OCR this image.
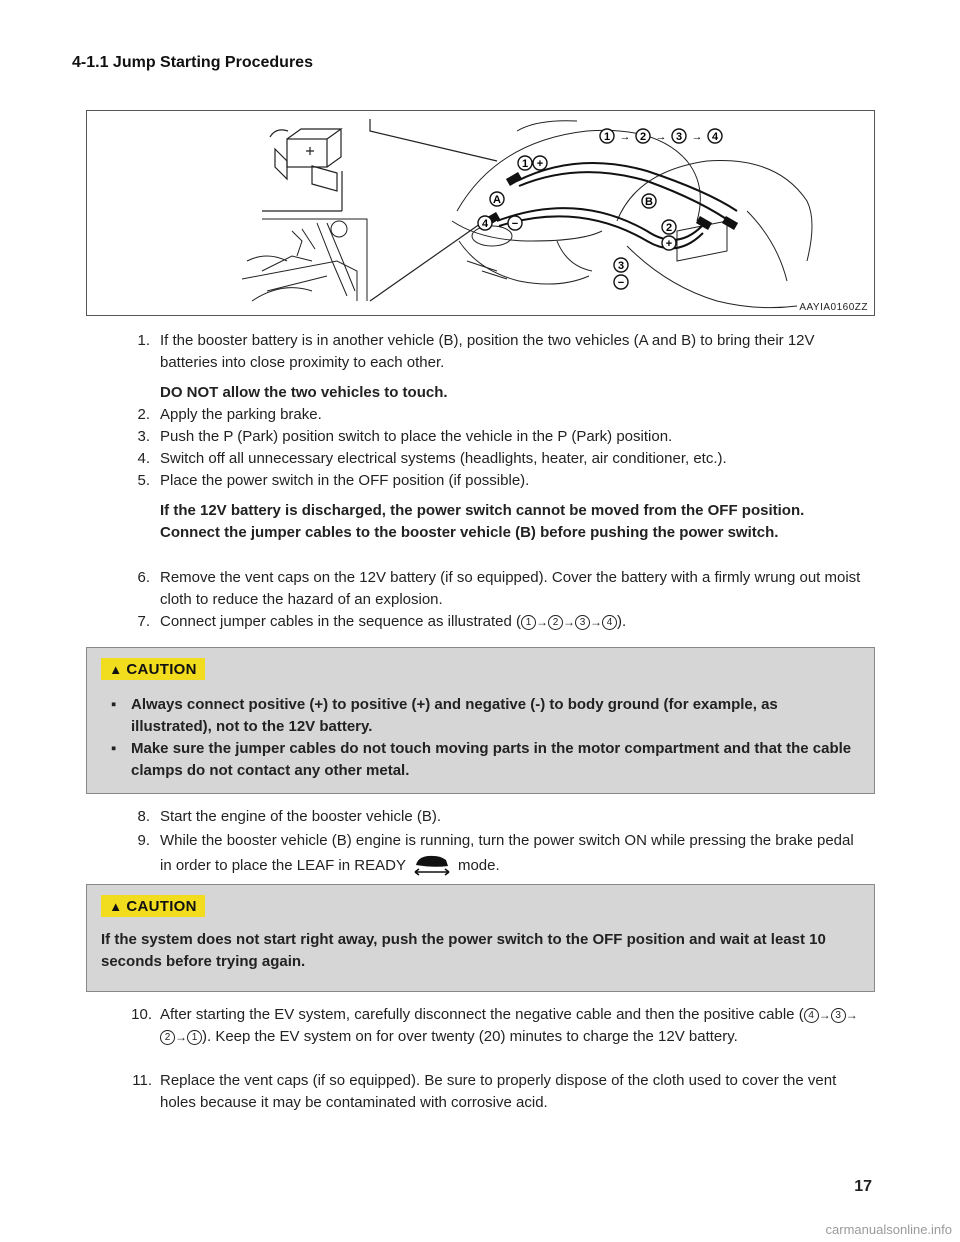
4-1.1 Jump Starting Procedures
1 +
A
4 −
B
2
+
3
−
1 → 2 → 3 → 4
AAYIA0160ZZ
1. If the booster battery is in another vehicle (B), position the two vehicles (A and B) to bring their 12V batteries into close proximity to each other.
DO NOT allow the two vehicles to touch.
2. Apply the parking brake.
3. Push the P (Park) position switch to place the vehicle in the P (Park) position.
4. Switch off all unnecessary electrical systems (headlights, heater, air conditioner, etc.).
5. Place the power switch in the OFF position (if possible).
If the 12V battery is discharged, the power switch cannot be moved from the OFF position. Connect the jumper cables to the booster vehicle (B) before pushing the power switch.
6. Remove the vent caps on the 12V battery (if so equipped). Cover the battery with a firmly wrung out moist cloth to reduce the hazard of an explosion.
7. Connect jumper cables in the sequence as illustrated ( 1 → 2 → 3 → 4 ).
▲ CAUTION
▪ Always connect positive (+) to positive (+) and negative (-) to body ground (for example, as illustrated), not to the 12V battery.
▪ Make sure the jumper cables do not touch moving parts in the motor compartment and that the cable clamps do not contact any other metal.
8. Start the engine of the booster vehicle (B).
9. While the booster vehicle (B) engine is running, turn the power switch ON while pressing the brake pedal in order to place the LEAF in READY	mode.
▲ CAUTION
If the system does not start right away, push the power switch to the OFF position and wait at least 10 seconds before trying again.
10. After starting the EV system, carefully disconnect the negative cable and then the positive cable ( 4 → 3 →2 → 1 ). Keep the EV system on for over twenty (20) minutes to charge the 12V battery.
11. Replace the vent caps (if so equipped). Be sure to properly dispose of the cloth used to cover the vent holes because it may be contaminated with corrosive acid.
17
carmanualsonline.info
